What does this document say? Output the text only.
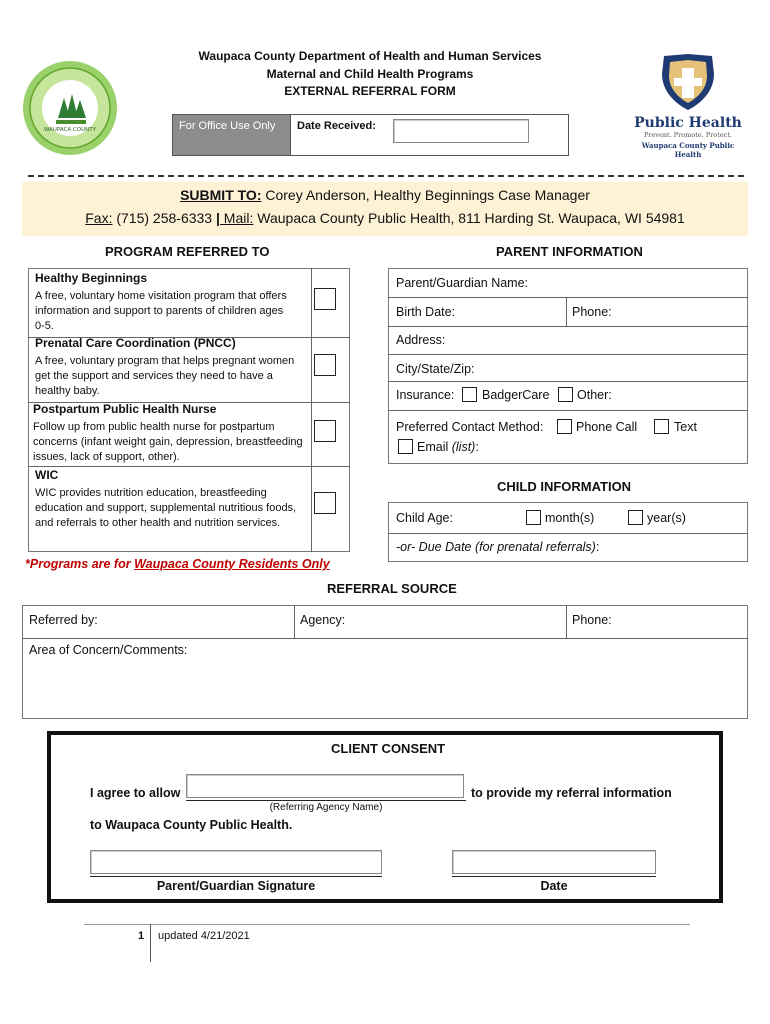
WAUPACA COUNTY	Public Health
Prevent. Promote. Protect.
Waupaca County Public Health
Waupaca County Department of Health and Human Services
Maternal and Child Health Programs
EXTERNAL REFERRAL FORM
For Office Use Only Date Received:
SUBMIT TO: Corey Anderson, Healthy Beginnings Case Manager
Fax: (715) 258-6333 | Mail: Waupaca County Public Health, 811 Harding St. Waupaca, WI 54981
PROGRAM REFERRED TO	PARENT INFORMATION
Healthy Beginnings
A free, voluntary home visitation program that offers information and support to parents of children ages 0-5.
Prenatal Care Coordination (PNCC)
A free, voluntary program that helps pregnant women get the support and services they need to have a healthy baby.
Postpartum Public Health Nurse
Follow up from public health nurse for postpartum concerns (infant weight gain, depression, breastfeeding issues, lack of support, other).
WIC
WIC provides nutrition education, breastfeeding education and support, supplemental nutritious foods, and referrals to other health and nutrition services.
*Programs are for Waupaca County Residents Only
Parent/Guardian Name:
Birth Date:	Phone:
Address:
City/State/Zip:
Insurance: BadgerCare Other:
Preferred Contact Method:	Phone Call	Text
Email (list):
CHILD INFORMATION
Child Age:	month(s)	year(s)
-or- Due Date (for prenatal referrals):
REFERRAL SOURCE
Referred by:	Agency:	Phone:
Area of Concern/Comments:
CLIENT CONSENT
I agree to allow
(Referring Agency Name)
to provide my referral information
to Waupaca County Public Health.
Parent/Guardian Signature	Date
1 updated 4/21/2021
